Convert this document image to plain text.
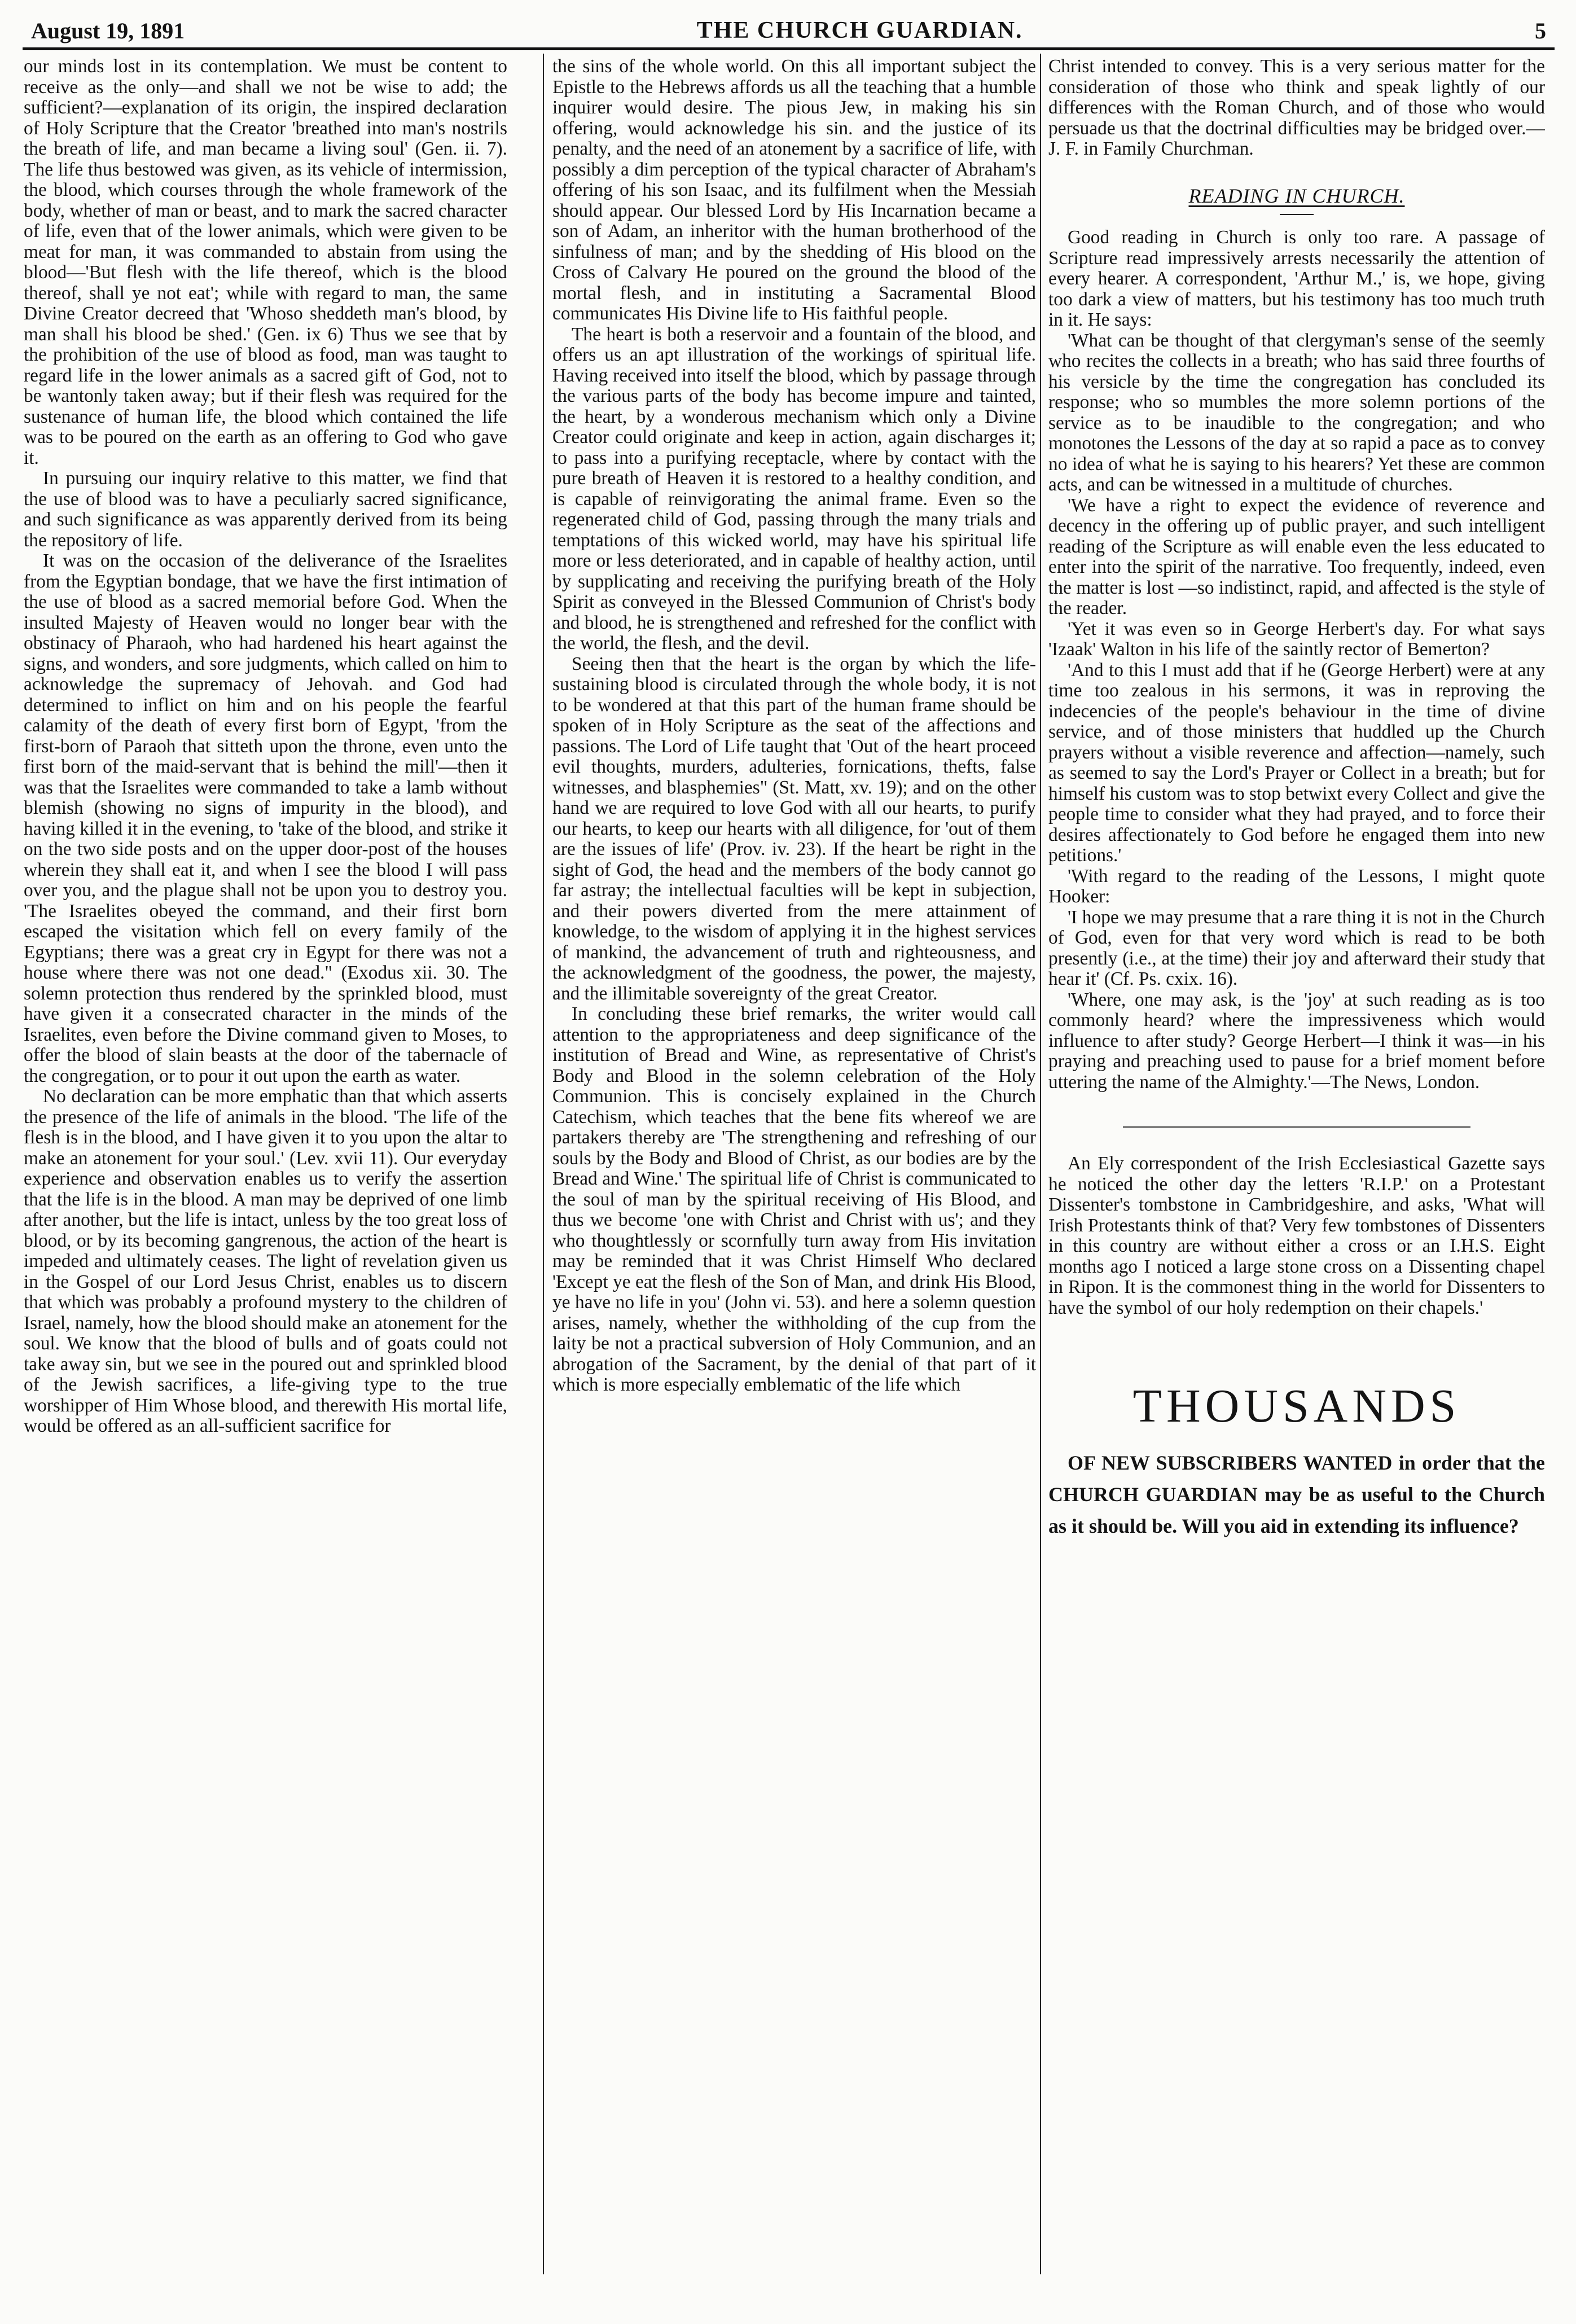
August 19, 1891	THE CHURCH GUARDIAN.	5

our minds lost in its contemplation. We must be content to receive as the only—and shall we not be wise to add; the sufficient?—explanation of its origin, the inspired declaration of Holy Scripture that the Creator 'breathed into man's nostrils the breath of life, and man became a living soul' (Gen. ii. 7). The life thus bestowed was given, as its vehicle of intermission, the blood, which courses through the whole framework of the body, whether of man or beast, and to mark the sacred character of life, even that of the lower animals, which were given to be meat for man, it was commanded to abstain from using the blood—'But flesh with the life thereof, which is the blood thereof, shall ye not eat'; while with regard to man, the same Divine Creator decreed that 'Whoso sheddeth man's blood, by man shall his blood be shed.' (Gen. ix 6) Thus we see that by the prohibition of the use of blood as food, man was taught to regard life in the lower animals as a sacred gift of God, not to be wantonly taken away; but if their flesh was required for the sustenance of human life, the blood which contained the life was to be poured on the earth as an offering to God who gave it.

In pursuing our inquiry relative to this matter, we find that the use of blood was to have a peculiarly sacred significance, and such significance as was apparently derived from its being the repository of life.

It was on the occasion of the deliverance of the Israelites from the Egyptian bondage, that we have the first intimation of the use of blood as a sacred memorial before God. When the insulted Majesty of Heaven would no longer bear with the obstinacy of Pharaoh, who had hardened his heart against the signs, and wonders, and sore judgments, which called on him to acknowledge the supremacy of Jehovah. and God had determined to inflict on him and on his people the fearful calamity of the death of every first born of Egypt, 'from the first-born of Paraoh that sitteth upon the throne, even unto the first born of the maid-servant that is behind the mill'—then it was that the Israelites were commanded to take a lamb without blemish (showing no signs of impurity in the blood), and having killed it in the evening, to 'take of the blood, and strike it on the two side posts and on the upper door-post of the houses wherein they shall eat it, and when I see the blood I will pass over you, and the plague shall not be upon you to destroy you. 'The Israelites obeyed the command, and their first born escaped the visitation which fell on every family of the Egyptians; there was a great cry in Egypt for there was not a house where there was not one dead." (Exodus xii. 30. The solemn protection thus rendered by the sprinkled blood, must have given it a consecrated character in the minds of the Israelites, even before the Divine command given to Moses, to offer the blood of slain beasts at the door of the tabernacle of the congregation, or to pour it out upon the earth as water.

No declaration can be more emphatic than that which asserts the presence of the life of animals in the blood. 'The life of the flesh is in the blood, and I have given it to you upon the altar to make an atonement for your soul.' (Lev. xvii 11). Our everyday experience and observation enables us to verify the assertion that the life is in the blood. A man may be deprived of one limb after another, but the life is intact, unless by the too great loss of blood, or by its becoming gangrenous, the action of the heart is impeded and ultimately ceases. The light of revelation given us in the Gospel of our Lord Jesus Christ, enables us to discern that which was probably a profound mystery to the children of Israel, namely, how the blood should make an atonement for the soul. We know that the blood of bulls and of goats could not take away sin, but we see in the poured out and sprinkled blood of the Jewish sacrifices, a life-giving type to the true worshipper of Him Whose blood, and therewith His mortal life, would be offered as an all-sufficient sacrifice for

the sins of the whole world. On this all important subject the Epistle to the Hebrews affords us all the teaching that a humble inquirer would desire. The pious Jew, in making his sin offering, would acknowledge his sin. and the justice of its penalty, and the need of an atonement by a sacrifice of life, with possibly a dim perception of the typical character of Abraham's offering of his son Isaac, and its fulfilment when the Messiah should appear. Our blessed Lord by His Incarnation became a son of Adam, an inheritor with the human brotherhood of the sinfulness of man; and by the shedding of His blood on the Cross of Calvary He poured on the ground the blood of the mortal flesh, and in instituting a Sacramental Blood communicates His Divine life to His faithful people.

The heart is both a reservoir and a fountain of the blood, and offers us an apt illustration of the workings of spiritual life. Having received into itself the blood, which by passage through the various parts of the body has become impure and tainted, the heart, by a wonderous mechanism which only a Divine Creator could originate and keep in action, again discharges it; to pass into a purifying receptacle, where by contact with the pure breath of Heaven it is restored to a healthy condition, and is capable of reinvigorating the animal frame. Even so the regenerated child of God, passing through the many trials and temptations of this wicked world, may have his spiritual life more or less deteriorated, and in capable of healthy action, until by supplicating and receiving the purifying breath of the Holy Spirit as conveyed in the Blessed Communion of Christ's body and blood, he is strengthened and refreshed for the conflict with the world, the flesh, and the devil.

Seeing then that the heart is the organ by which the life-sustaining blood is circulated through the whole body, it is not to be wondered at that this part of the human frame should be spoken of in Holy Scripture as the seat of the affections and passions. The Lord of Life taught that 'Out of the heart proceed evil thoughts, murders, adulteries, fornications, thefts, false witnesses, and blasphemies" (St. Matt, xv. 19); and on the other hand we are required to love God with all our hearts, to purify our hearts, to keep our hearts with all diligence, for 'out of them are the issues of life' (Prov. iv. 23). If the heart be right in the sight of God, the head and the members of the body cannot go far astray; the intellectual faculties will be kept in subjection, and their powers diverted from the mere attainment of knowledge, to the wisdom of applying it in the highest services of mankind, the advancement of truth and righteousness, and the acknowledgment of the goodness, the power, the majesty, and the illimitable sovereignty of the great Creator.

In concluding these brief remarks, the writer would call attention to the appropriateness and deep significance of the institution of Bread and Wine, as representative of Christ's Body and Blood in the solemn celebration of the Holy Communion. This is concisely explained in the Church Catechism, which teaches that the bene fits whereof we are partakers thereby are 'The strengthening and refreshing of our souls by the Body and Blood of Christ, as our bodies are by the Bread and Wine.' The spiritual life of Christ is communicated to the soul of man by the spiritual receiving of His Blood, and thus we become 'one with Christ and Christ with us'; and they who thoughtlessly or scornfully turn away from His invitation may be reminded that it was Christ Himself Who declared 'Except ye eat the flesh of the Son of Man, and drink His Blood, ye have no life in you' (John vi. 53). and here a solemn question arises, namely, whether the withholding of the cup from the laity be not a practical subversion of Holy Communion, and an abrogation of the Sacrament, by the denial of that part of it which is more especially emblematic of the life which

Christ intended to convey. This is a very serious matter for the consideration of those who think and speak lightly of our differences with the Roman Church, and of those who would persuade us that the doctrinal difficulties may be bridged over.—J. F. in Family Churchman.

READING IN CHURCH.

Good reading in Church is only too rare. A passage of Scripture read impressively arrests necessarily the attention of every hearer. A correspondent, 'Arthur M.,' is, we hope, giving too dark a view of matters, but his testimony has too much truth in it. He says:

'What can be thought of that clergyman's sense of the seemly who recites the collects in a breath; who has said three fourths of his versicle by the time the congregation has concluded its response; who so mumbles the more solemn portions of the service as to be inaudible to the congregation; and who monotones the Lessons of the day at so rapid a pace as to convey no idea of what he is saying to his hearers? Yet these are common acts, and can be witnessed in a multitude of churches.

'We have a right to expect the evidence of reverence and decency in the offering up of public prayer, and such intelligent reading of the Scripture as will enable even the less educated to enter into the spirit of the narrative. Too frequently, indeed, even the matter is lost —so indistinct, rapid, and affected is the style of the reader.

'Yet it was even so in George Herbert's day. For what says 'Izaak' Walton in his life of the saintly rector of Bemerton?

'And to this I must add that if he (George Herbert) were at any time too zealous in his sermons, it was in reproving the indecencies of the people's behaviour in the time of divine service, and of those ministers that huddled up the Church prayers without a visible reverence and affection—namely, such as seemed to say the Lord's Prayer or Collect in a breath; but for himself his custom was to stop betwixt every Collect and give the people time to consider what they had prayed, and to force their desires affectionately to God before he engaged them into new petitions.'

'With regard to the reading of the Lessons, I might quote Hooker:

'I hope we may presume that a rare thing it is not in the Church of God, even for that very word which is read to be both presently (i.e., at the time) their joy and afterward their study that hear it' (Cf. Ps. cxix. 16).

'Where, one may ask, is the 'joy' at such reading as is too commonly heard? where the impressiveness which would influence to after study? George Herbert—I think it was—in his praying and preaching used to pause for a brief moment before uttering the name of the Almighty.'—The News, London.

An Ely correspondent of the Irish Ecclesiastical Gazette says he noticed the other day the letters 'R.I.P.' on a Protestant Dissenter's tombstone in Cambridgeshire, and asks, 'What will Irish Protestants think of that? Very few tombstones of Dissenters in this country are without either a cross or an I.H.S. Eight months ago I noticed a large stone cross on a Dissenting chapel in Ripon. It is the commonest thing in the world for Dissenters to have the symbol of our holy redemption on their chapels.'

THOUSANDS

OF NEW SUBSCRIBERS WANTED in order that the CHURCH GUARDIAN may be as useful to the Church as it should be. Will you aid in extending its influence?
